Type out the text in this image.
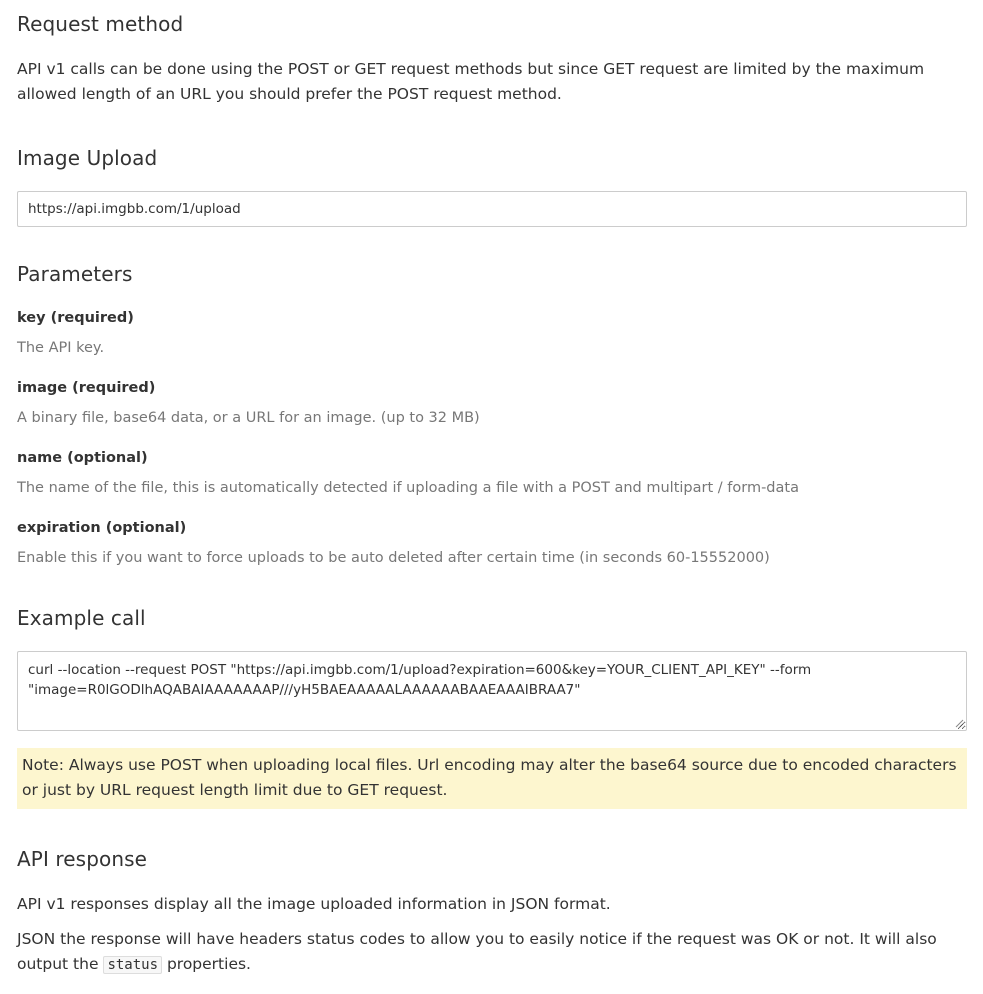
Request method

API v1 calls can be done using the POST or GET request methods but since GET request are limited by the maximum allowed length of an URL you should prefer the POST request method.

Image Upload
https://api.imgbb.com/1/upload
Parameters
key (required)
The API key.
image (required)
A binary file, base64 data, or a URL for an image. (up to 32 MB)
name (optional)
The name of the file, this is automatically detected if uploading a file with a POST and multipart / form-data
expiration (optional)
Enable this if you want to force uploads to be auto deleted after certain time (in seconds 60-15552000)
Example call
curl --location --request POST "https://api.imgbb.com/1/upload?expiration=600&key=YOUR_CLIENT_API_KEY" --form "image=R0lGODlhAQABAIAAAAAAAP///yH5BAEAAAAALAAAAAABAAEAAAIBRAA7"
Note: Always use POST when uploading local files. Url encoding may alter the base64 source due to encoded characters or just by URL request length limit due to GET request.
API response

API v1 responses display all the image uploaded information in JSON format.

JSON the response will have headers status codes to allow you to easily notice if the request was OK or not. It will also output the status properties.
